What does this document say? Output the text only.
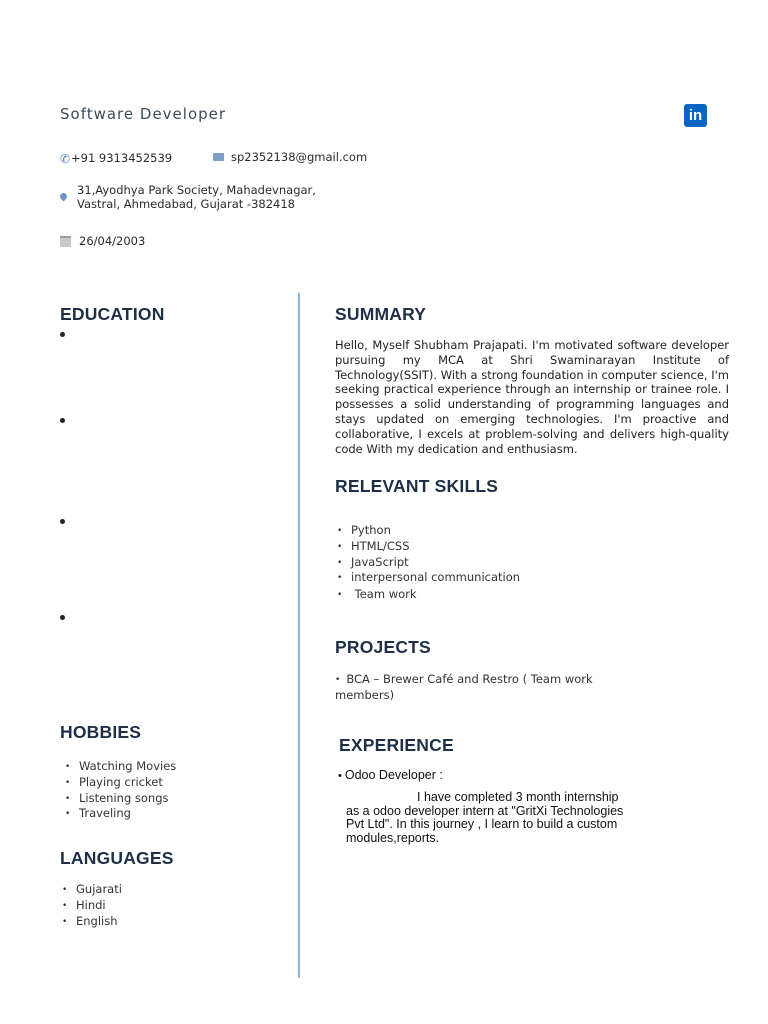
Software Developer	in
✆ +91 9313452539	sp2352138@gmail.com
31,Ayodhya Park Society, Mahadevnagar,
Vastral, Ahmedabad, Gujarat -382418
26/04/2003
EDUCATION
HOBBIES
• Watching Movies
• Playing cricket
• Listening songs
• Traveling
LANGUAGES
• Gujarati
• Hindi
• English
SUMMARY
Hello, Myself Shubham Prajapati. I'm motivated software developer pursuing my MCA at Shri Swaminarayan Institute of Technology(SSIT). With a strong foundation in computer science, I'm seeking practical experience through an internship or trainee role. I possesses a solid understanding of programming languages and stays updated on emerging technologies. I'm proactive and collaborative, I excels at problem-solving and delivers high-quality code With my dedication and enthusiasm.
RELEVANT SKILLS
• Python
• HTML/CSS
• JavaScript
• interpersonal communication
•  Team work
PROJECTS
• BCA – Brewer Café and Restro ( Team work members)
EXPERIENCE
• Odoo Developer :
I have completed 3 month internship
as a odoo developer intern at "GritXi Technologies Pvt Ltd". In this journey , I learn to build a custom modules,reports.
